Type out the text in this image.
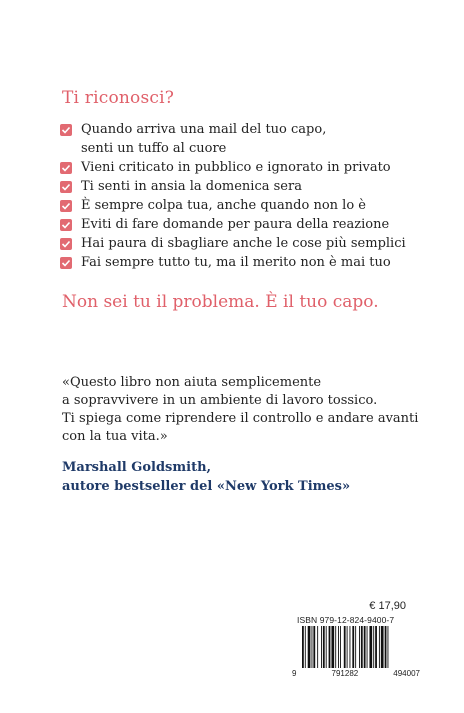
Ti riconosci?
Quando arriva una mail del tuo capo,
senti un tuffo al cuore
Vieni criticato in pubblico e ignorato in privato
Ti senti in ansia la domenica sera
È sempre colpa tua, anche quando non lo è
Eviti di fare domande per paura della reazione
Hai paura di sbagliare anche le cose più semplici
Fai sempre tutto tu, ma il merito non è mai tuo
Non sei tu il problema. È il tuo capo.
«Questo libro non aiuta semplicemente
a sopravvivere in un ambiente di lavoro tossico.
Ti spiega come riprendere il controllo e andare avanti
con la tua vita.»
Marshall Goldsmith,
autore bestseller del «New York Times»
€ 17,90
ISBN 979-12-824-9400-7
9	791282	494007
